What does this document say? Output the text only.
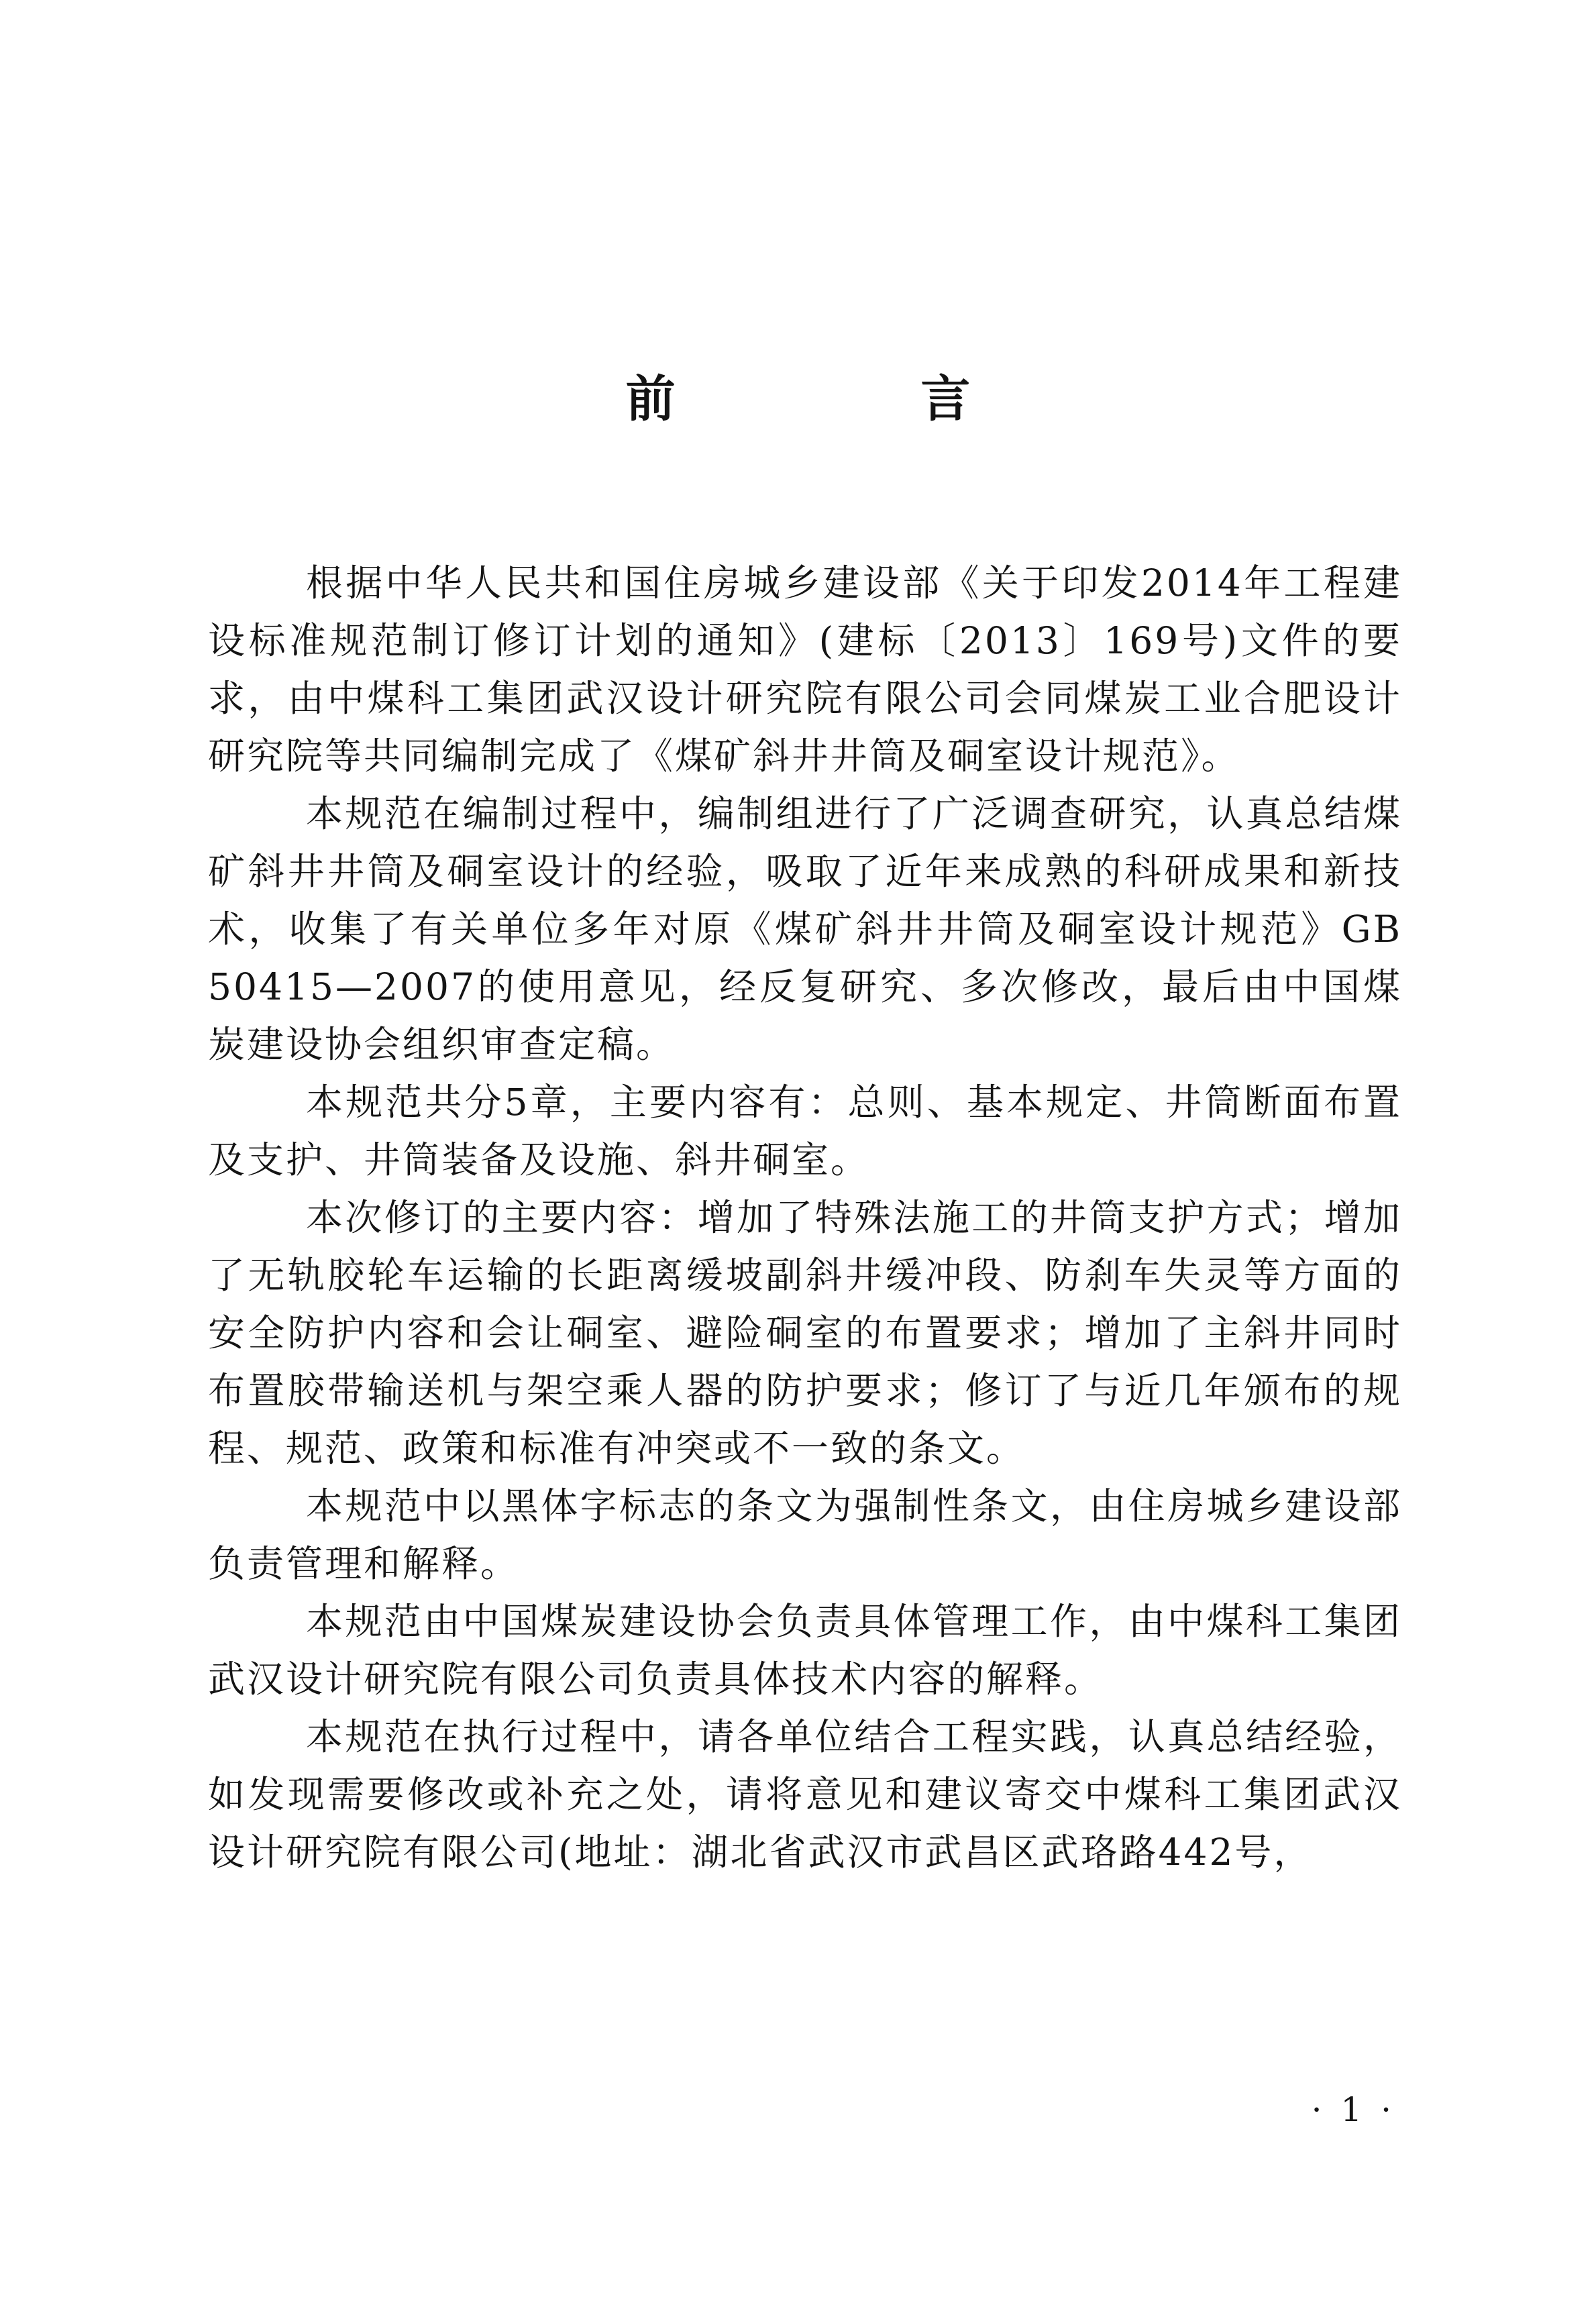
前 言

根据中华人民共和国住房城乡建设部《关于印发2014年工程建设标准规范制订修订计划的通知》(建标〔2013〕169号)文件的要求，由中煤科工集团武汉设计研究院有限公司会同煤炭工业合肥设计研究院等共同编制完成了《煤矿斜井井筒及硐室设计规范》。

本规范在编制过程中，编制组进行了广泛调查研究，认真总结煤矿斜井井筒及硐室设计的经验，吸取了近年来成熟的科研成果和新技术，收集了有关单位多年对原《煤矿斜井井筒及硐室设计规范》GB 50415—2007的使用意见，经反复研究、多次修改，最后由中国煤炭建设协会组织审查定稿。

本规范共分5章，主要内容有：总则、基本规定、井筒断面布置及支护、井筒装备及设施、斜井硐室。

本次修订的主要内容：增加了特殊法施工的井筒支护方式；增加了无轨胶轮车运输的长距离缓坡副斜井缓冲段、防刹车失灵等方面的安全防护内容和会让硐室、避险硐室的布置要求；增加了主斜井同时布置胶带输送机与架空乘人器的防护要求；修订了与近几年颁布的规程、规范、政策和标准有冲突或不一致的条文。

本规范中以黑体字标志的条文为强制性条文，由住房城乡建设部负责管理和解释。

本规范由中国煤炭建设协会负责具体管理工作，由中煤科工集团武汉设计研究院有限公司负责具体技术内容的解释。

本规范在执行过程中，请各单位结合工程实践，认真总结经验，如发现需要修改或补充之处，请将意见和建议寄交中煤科工集团武汉设计研究院有限公司(地址：湖北省武汉市武昌区武珞路442号，

· 1 ·
